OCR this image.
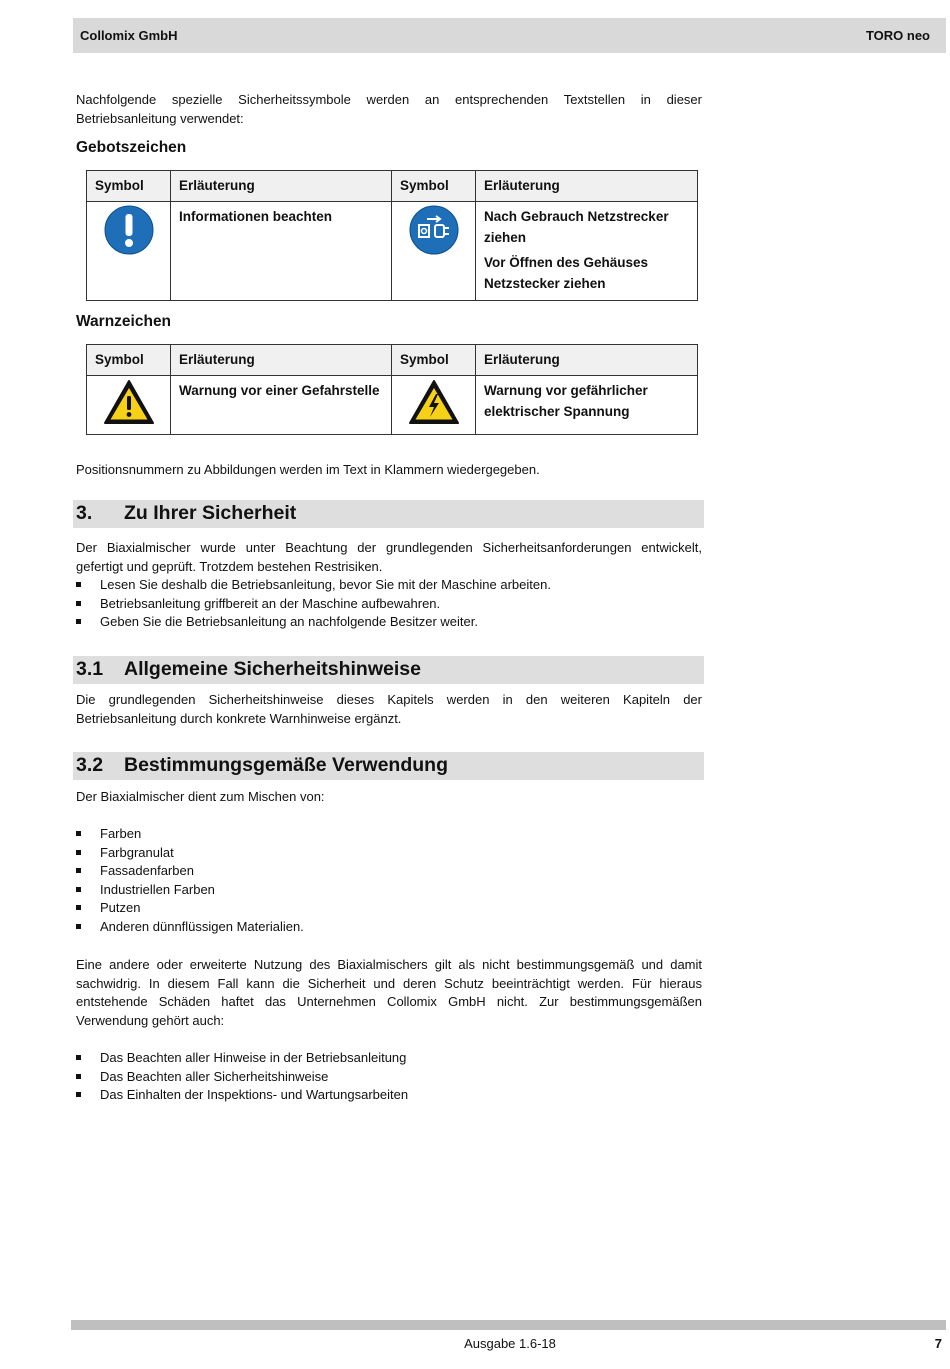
Collomix GmbH	TORO neo

Nachfolgende spezielle Sicherheitssymbole werden an entsprechenden Textstellen in dieser Betriebsanleitung verwendet:

Gebotszeichen
Symbol	Erläuterung	Symbol	Erläuterung
	Informationen beachten		Nach Gebrauch Netzstrecker ziehen
Vor Öffnen des Gehäuses Netzstecker ziehen
Warnzeichen
Symbol	Erläuterung	Symbol	Erläuterung
	Warnung vor einer Gefahrstelle		Warnung vor gefährlicher elektrischer Spannung

Positionsnummern zu Abbildungen werden im Text in Klammern wiedergegeben.

3. Zu Ihrer Sicherheit

Der Biaxialmischer wurde unter Beachtung der grundlegenden Sicherheitsanforderungen entwickelt, gefertigt und geprüft. Trotzdem bestehen Restrisiken.

Lesen Sie deshalb die Betriebsanleitung, bevor Sie mit der Maschine arbeiten.
Betriebsanleitung griffbereit an der Maschine aufbewahren.
Geben Sie die Betriebsanleitung an nachfolgende Besitzer weiter.
3.1 Allgemeine Sicherheitshinweise

Die grundlegenden Sicherheitshinweise dieses Kapitels werden in den weiteren Kapiteln der Betriebsanleitung durch konkrete Warnhinweise ergänzt.

3.2 Bestimmungsgemäße Verwendung

Der Biaxialmischer dient zum Mischen von:

Farben
Farbgranulat
Fassadenfarben
Industriellen Farben
Putzen
Anderen dünnflüssigen Materialien.

Eine andere oder erweiterte Nutzung des Biaxialmischers gilt als nicht bestimmungsgemäß und damit sachwidrig. In diesem Fall kann die Sicherheit und deren Schutz beeinträchtigt werden. Für hieraus entstehende Schäden haftet das Unternehmen Collomix GmbH nicht. Zur bestimmungsgemäßen Verwendung gehört auch:

Das Beachten aller Hinweise in der Betriebsanleitung
Das Beachten aller Sicherheitshinweise
Das Einhalten der Inspektions- und Wartungsarbeiten
Ausgabe 1.6-18	7
